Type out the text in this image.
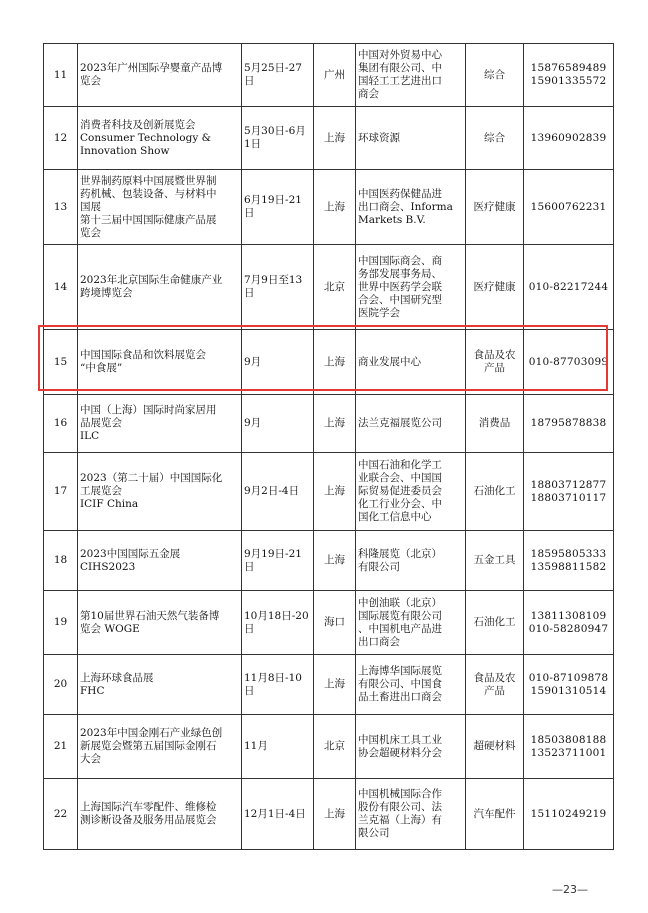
11	2023年广州国际孕婴童产品博
览会	5月25日-27
日	广州	中国对外贸易中心
集团有限公司、中
国轻工工艺进出口
商会	综合	15876589489
15901335572

12	消费者科技及创新展览会
Consumer Technology &
Innovation Show	5月30日-6月
1日	上海	环球资源	综合	13960902839

13	世界制药原料中国展暨世界制
药机械、包装设备、与材料中
国展
第十三届中国国际健康产品展
览会	6月19日-21
日	上海	中国医药保健品进
出口商会、Informa
Markets B.V.	医疗健康	15600762231

14	2023年北京国际生命健康产业
跨境博览会	7月9日至13
日	北京	中国国际商会、商
务部发展事务局、
世界中医药学会联
合会、中国研究型
医院学会	医疗健康	010-82217244

15	中国国际食品和饮料展览会
“中食展”	9月	上海	商业发展中心	食品及农
产品	010-87703099

16	中国（上海）国际时尚家居用
品展览会
ILC	9月	上海	法兰克福展览公司	消费品	18795878838

17	2023（第二十届）中国国际化
工展览会
ICIF China	9月2日-4日	上海	中国石油和化学工
业联合会、中国国
际贸易促进委员会
化工行业分会、中
国化工信息中心	石油化工	18803712877
18803710117

18	2023中国国际五金展
CIHS2023	9月19日-21
日	上海	科隆展览（北京）
有限公司	五金工具	18595805333
13598811582

19	第10届世界石油天然气装备博
览会 WOGE	10月18日-20
日	海口	中创油联（北京）
国际展览有限公司
、中国机电产品进
出口商会	石油化工	13811308109
010-58280947

20	上海环球食品展
FHC	11月8日-10
日	上海	上海博华国际展览
有限公司、中国食
品土畜进出口商会	食品及农
产品	010-87109878
15901310514

21	2023年中国金刚石产业绿色创
新展览会暨第五届国际金刚石
大会	11月	北京	中国机床工具工业
协会超硬材料分会	超硬材料	18503808188
13523711001

22	上海国际汽车零配件、维修检
测诊断设备及服务用品展览会	12月1日-4日	上海	中国机械国际合作
股份有限公司、法
兰克福（上海）有
限公司	汽车配件	15110249219
—23—
